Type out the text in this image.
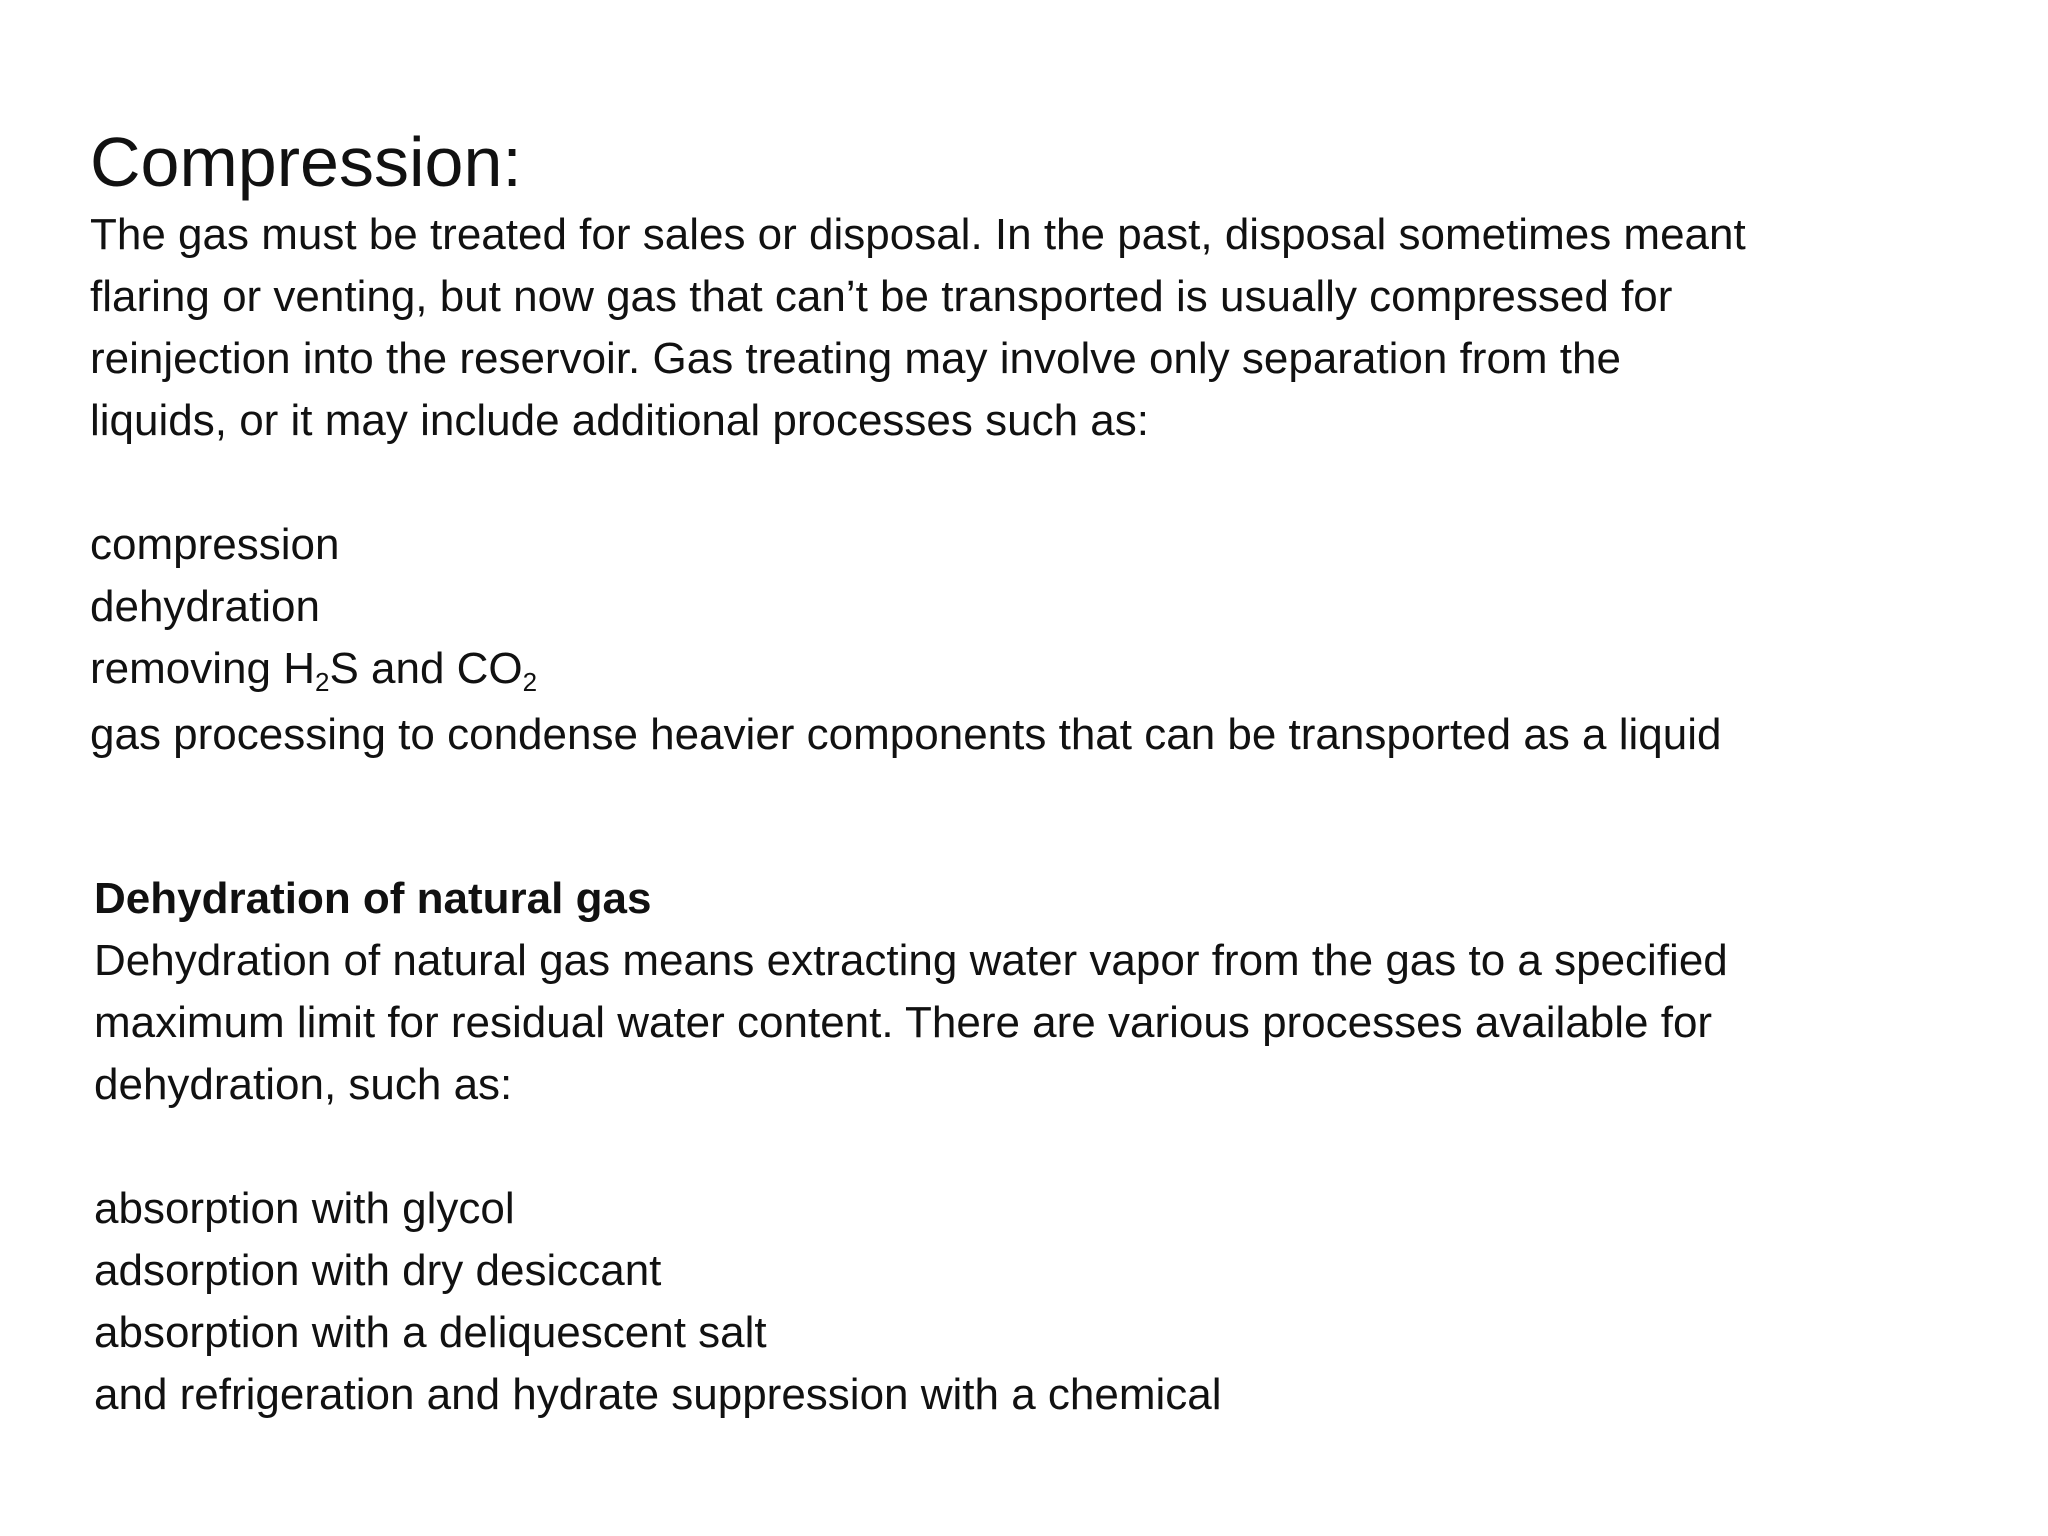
Compression:

The gas must be treated for sales or disposal. In the past, disposal sometimes meant

flaring or venting, but now gas that can’t be transported is usually compressed for

reinjection into the reservoir. Gas treating may involve only separation from the

liquids, or it may include additional processes such as:

compression
dehydration
removing $H_2S$ and $CO_2$
gas processing to condense heavier components that can be transported as a liquid
Dehydration of natural gas

Dehydration of natural gas means extracting water vapor from the gas to a specified

maximum limit for residual water content. There are various processes available for

dehydration, such as:

absorption with glycol
adsorption with dry desiccant
absorption with a deliquescent salt
and refrigeration and hydrate suppression with a chemical
